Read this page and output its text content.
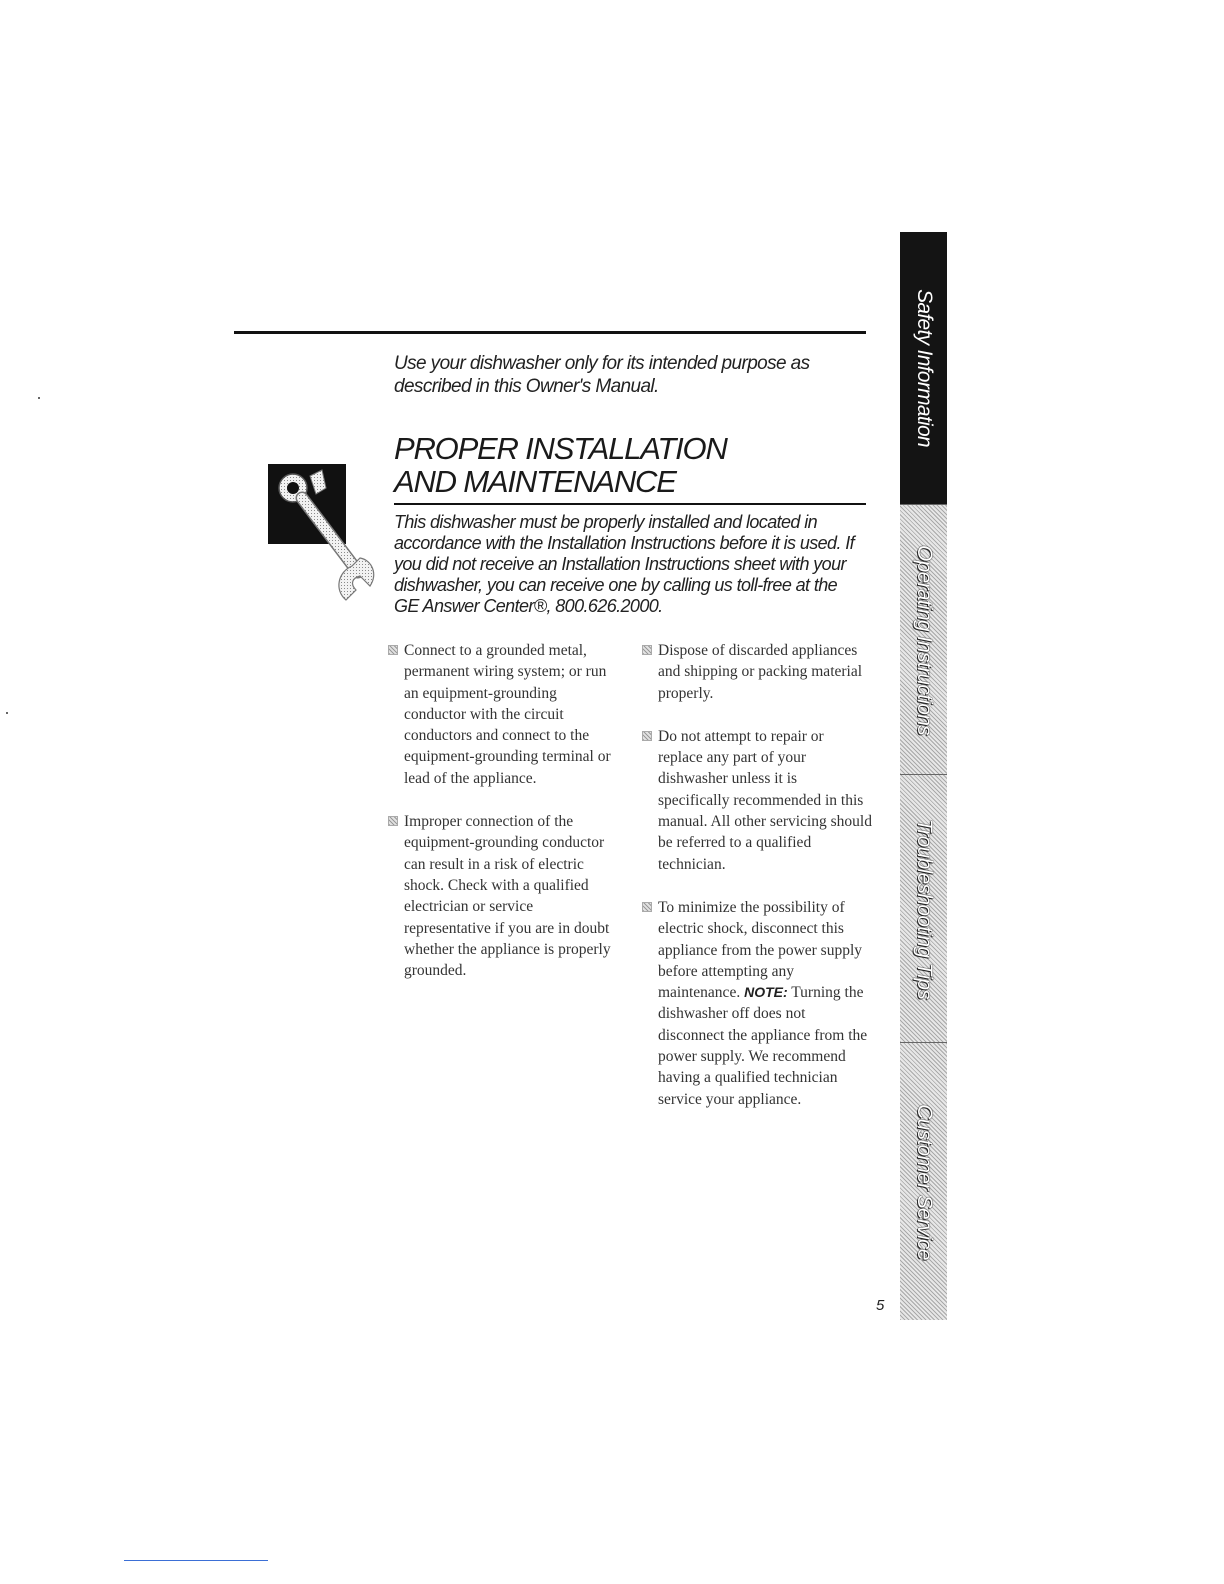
Use your dishwasher only for its intended purpose as described in this Owner's Manual.
PROPER INSTALLATION
AND MAINTENANCE
This dishwasher must be properly installed and located in accordance with the Installation Instructions before it is used. If you did not receive an Installation Instructions sheet with your dishwasher, you can receive one by calling us toll-free at the GE Answer Center®, 800.626.2000.
Connect to a grounded metal, permanent wiring system; or run an equipment-grounding conductor with the circuit conductors and connect to the equipment-grounding terminal or lead of the appliance.
Improper connection of the equipment-grounding conductor can result in a risk of electric shock. Check with a qualified electrician or service representative if you are in doubt whether the appliance is properly grounded.
Dispose of discarded appliances and shipping or packing material properly.
Do not attempt to repair or replace any part of your dishwasher unless it is specifically recommended in this manual. All other servicing should be referred to a qualified technician.
To minimize the possibility of electric shock, disconnect this appliance from the power supply before attempting any maintenance. NOTE: Turning the dishwasher off does not disconnect the appliance from the power supply. We recommend having a qualified technician service your appliance.
Safety Information
Operating Instructions
Troubleshooting Tips
Customer Service
5
